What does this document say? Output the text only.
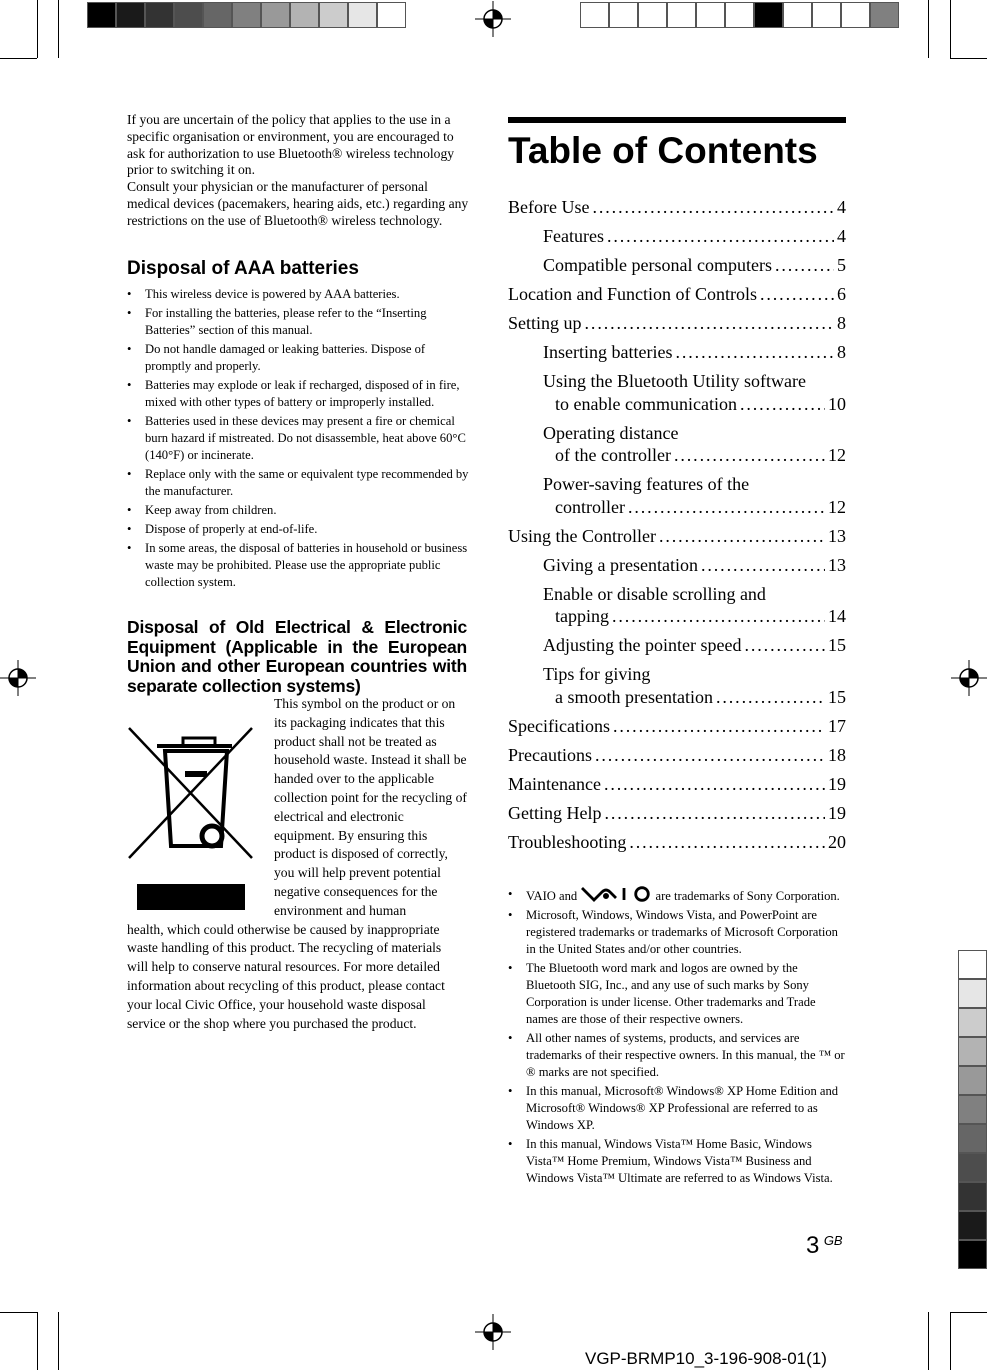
If you are uncertain of the policy that applies to the use in a specific organisation or environment, you are encouraged to ask for authorization to use Bluetooth® wireless technology prior to switching it on.

Consult your physician or the manufacturer of personal medical devices (pacemakers, hearing aids, etc.) regarding any restrictions on the use of Bluetooth® wireless technology.

Disposal of AAA batteries
• This wireless device is powered by AAA batteries.
• For installing the batteries, please refer to the “Inserting Batteries” section of this manual.
• Do not handle damaged or leaking batteries. Dispose of promptly and properly.
• Batteries may explode or leak if recharged, disposed of in fire, mixed with other types of battery or improperly installed.
• Batteries used in these devices may present a fire or chemical burn hazard if mistreated. Do not disassemble, heat above 60°C (140°F) or incinerate.
• Replace only with the same or equivalent type recommended by the manufacturer.
• Keep away from children.
• Dispose of properly at end-of-life.
• In some areas, the disposal of batteries in household or business waste may be prohibited. Please use the appropriate public collection system.
Disposal of Old Electrical & Electronic Equipment (Applicable in the European Union and other European countries with separate collection systems)
This symbol on the product or on its packaging indicates that this product shall not be treated as household waste. Instead it shall be handed over to the applicable collection point for the recycling of electrical and electronic equipment. By ensuring this product is disposed of correctly, you will help prevent potential negative consequences for the environment and human
health, which could otherwise be caused by inappropriate waste handling of this product. The recycling of materials will help to conserve natural resources. For more detailed information about recycling of this product, please contact your local Civic Office, your household waste disposal service or the shop where you purchased the product.
Table of Contents
Before Use . . .	4
Features . . .	4
Compatible personal computers . . .	5
Location and Function of Controls . . .	6
Setting up . . .	8
Inserting batteries . . .	8
Using the Bluetooth Utility software
to enable communication . . .	10
Operating distance
of the controller . . .	12
Power-saving features of the
controller . . .	12
Using the Controller . . .	13
Giving a presentation . . .	13
Enable or disable scrolling and
tapping . . .	14
Adjusting the pointer speed . . .	15
Tips for giving
a smooth presentation . . .	15
Specifications . . .	17
Precautions . . .	18
Maintenance . . .	19
Getting Help . . .	19
Troubleshooting . . .	20
• VAIO and	are trademarks of Sony Corporation.
• Microsoft, Windows, Windows Vista, and PowerPoint are registered trademarks or trademarks of Microsoft Corporation in the United States and/or other countries.
• The Bluetooth word mark and logos are owned by the Bluetooth SIG, Inc., and any use of such marks by Sony Corporation is under license. Other trademarks and Trade names are those of their respective owners.
• All other names of systems, products, and services are trademarks of their respective owners. In this manual, the ™ or ® marks are not specified.
• In this manual, Microsoft® Windows® XP Home Edition and Microsoft® Windows® XP Professional are referred to as Windows XP.
• In this manual, Windows Vista™ Home Basic, Windows Vista™ Home Premium, Windows Vista™ Business and Windows Vista™ Ultimate are referred to as Windows Vista.
3 $^{GB}$
VGP-BRMP10_3-196-908-01(1)
